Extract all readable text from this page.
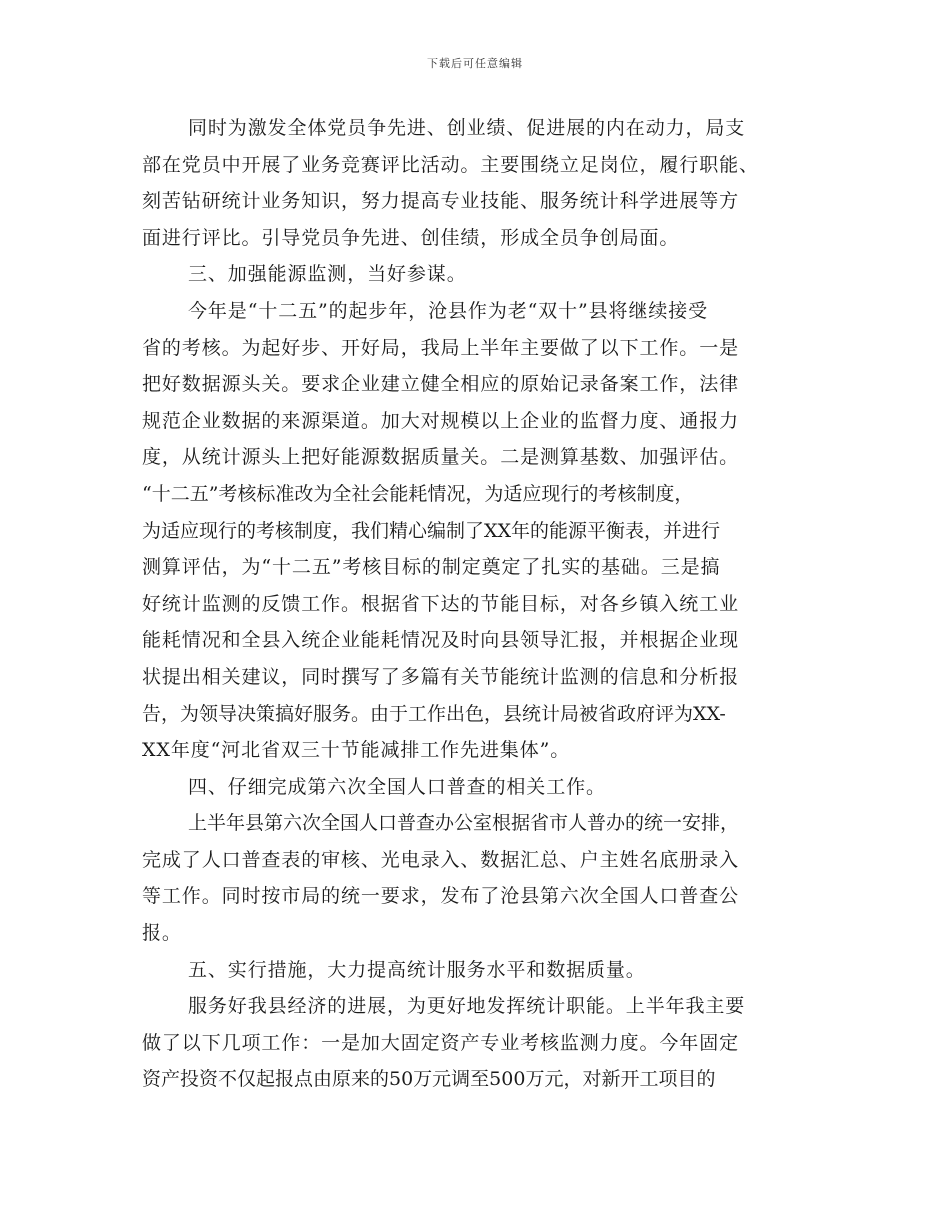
下载后可任意编辑
同时为激发全体党员争先进、创业绩、促进展的内在动力，局支
部在党员中开展了业务竞赛评比活动。主要围绕立足岗位，履行职能、
刻苦钻研统计业务知识，努力提高专业技能、服务统计科学进展等方
面进行评比。引导党员争先进、创佳绩，形成全员争创局面。
三、加强能源监测，当好参谋。
今年是“十二五”的起步年，沧县作为老“双十”县将继续接受
省的考核。为起好步、开好局，我局上半年主要做了以下工作。一是
把好数据源头关。要求企业建立健全相应的原始记录备案工作，法律
规范企业数据的来源渠道。加大对规模以上企业的监督力度、通报力
度，从统计源头上把好能源数据质量关。二是测算基数、加强评估。
“十二五”考核标准改为全社会能耗情况，为适应现行的考核制度，
为适应现行的考核制度，我们精心编制了XX年的能源平衡表，并进行
测算评估，为“十二五”考核目标的制定奠定了扎实的基础。三是搞
好统计监测的反馈工作。根据省下达的节能目标，对各乡镇入统工业
能耗情况和全县入统企业能耗情况及时向县领导汇报，并根据企业现
状提出相关建议，同时撰写了多篇有关节能统计监测的信息和分析报
告，为领导决策搞好服务。由于工作出色，县统计局被省政府评为XX-
XX年度“河北省双三十节能减排工作先进集体”。
四、仔细完成第六次全国人口普查的相关工作。
上半年县第六次全国人口普查办公室根据省市人普办的统一安排，
完成了人口普查表的审核、光电录入、数据汇总、户主姓名底册录入
等工作。同时按市局的统一要求，发布了沧县第六次全国人口普查公
报。
五、实行措施，大力提高统计服务水平和数据质量。
服务好我县经济的进展，为更好地发挥统计职能。上半年我主要
做了以下几项工作：一是加大固定资产专业考核监测力度。今年固定
资产投资不仅起报点由原来的50万元调至500万元，对新开工项目的
